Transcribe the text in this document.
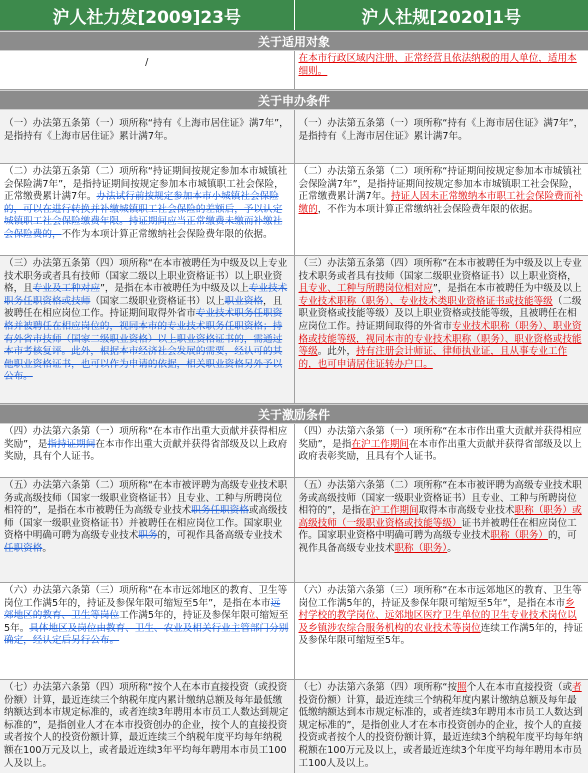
沪人社力发[2009]23号	沪人社规[2020]1号
关于适用对象
/	在本市行政区域内注册、正常经营且依法纳税的用人单位，适用本细则。
关于申办条件
（一）办法第五条第（一）项所称“持有《上海市居住证》满7年”，是指持有《上海市居住证》累计满7年。
（一）办法第五条第（一）项所称“持有《上海市居住证》满7年”，是指持有《上海市居住证》累计满7年。
（二）办法第五条第（二）项所称“持证期间按规定参加本市城镇社会保险满7年”，是指持证期间按规定参加本市城镇职工社会保险，正常缴费累计满7年。办法试行前按规定参加本市小城镇社会保险的，可以在进行转换并补缴城镇职工社会保险的差额后，予以认定城镇职工社会保险缴费年限。持证期间应当正常缴费未缴而补缴社会保险费的，不作为本项计算正常缴纳社会保险费年限的依据。
（二）办法第五条第（二）项所称“持证期间按规定参加本市城镇社会保险满7年”，是指持证期间按规定参加本市城镇职工社会保险，正常缴费累计满7年。持证人因未正常缴纳本市职工社会保险费而补缴的，不作为本项计算正常缴纳社会保险费年限的依据。
（三）办法第五条第（四）项所称“在本市被聘任为中级及以上专业技术职务或者具有技师（国家二级以上职业资格证书）以上职业资格，且专业及工种对应”，是指在本市被聘任为中级及以上专业技术职务任职资格或技师（国家二级职业资格证书）以上职业资格，且被聘任在相应岗位工作。持证期间取得外省市专业技术职务任职资格并被聘任在相应岗位的，视同本市的专业技术职务任职资格；持有外省市技师（国家二级职业资格）以上职业资格证书的，需通过本市考核复评。此外，根据本市经济社会发展的需要，经认可的其他职业资格证书，也可以作为申请的依据，相关职业资格另外予以公布。
（三）办法第五条第（四）项所称“在本市被聘任为中级及以上专业技术职务或者具有技师（国家二级职业资格证书）以上职业资格，且专业、工种与所聘岗位相对应”，是指在本市被聘任为中级及以上专业技术职称（职务）、专业技术类职业资格证书或技能等级（二级职业资格或技能等级）及以上职业资格或技能等级，且被聘任在相应岗位工作。持证期间取得的外省市专业技术职称（职务）、职业资格或技能等级，视同本市的专业技术职称（职务）、职业资格或技能等级。此外，持有注册会计师证、律师执业证，且从事专业工作的，也可申请居住证转办户口。
关于激励条件
（四）办法第六条第（一）项所称“在本市作出重大贡献并获得相应奖励”，是指持证期间在本市作出重大贡献并获得省部级及以上政府奖励，具有个人证书。
（四）办法第六条第（一）项所称“在本市作出重大贡献并获得相应奖励”，是指在沪工作期间在本市作出重大贡献并获得省部级及以上政府表彰奖励，且具有个人证书。
（五）办法第六条第（二）项所称“在本市被评聘为高级专业技术职务或高级技师（国家一级职业资格证书）且专业、工种与所聘岗位相符的”，是指在本市被聘任为高级专业技术职务任职资格或高级技师（国家一级职业资格证书）并被聘任在相应岗位工作。国家职业资格中明确可聘为高级专业技术职务的，可视作具备高级专业技术任职资格。
（五）办法第六条第（二）项所称“在本市被评聘为高级专业技术职务或高级技师（国家一级职业资格证书）且专业、工种与所聘岗位相符的”，是指在沪工作期间取得本市高级专业技术职称（职务）或高级技师（一级职业资格或技能等级）证书并被聘任在相应岗位工作。国家职业资格中明确可聘为高级专业技术职称（职务）的，可视作具备高级专业技术职称（职务）。
（六）办法第六条第（三）项所称“在本市远郊地区的教育、卫生等岗位工作满5年的，持证及参保年限可缩短至5年”，是指在本市远郊地区的教育、卫生等岗位工作满5年的，持证及参保年限可缩短至5年。具体地区及岗位由教育、卫生、农业及相关行业主管部门分别确定，经认定后另行公布。
（六）办法第六条第（三）项所称“在本市远郊地区的教育、卫生等岗位工作满5年的，持证及参保年限可缩短至5年”，是指在本市乡村学校的教学岗位、远郊地区医疗卫生单位的卫生专业技术岗位以及乡镇涉农综合服务机构的农业技术等岗位连续工作满5年的，持证及参保年限可缩短至5年。
（七）办法第六条第（四）项所称“按个人在本市直接投资（或投资份额）计算，最近连续三个纳税年度内累计缴纳总额及每年最低缴纳额达到本市规定标准的，或者连续3年聘用本市员工人数达到规定标准的”，是指创业人才在本市投资创办的企业，按个人的直接投资或者按个人的投资份额计算，最近连续三个纳税年度平均每年纳税额在100万元及以上，或者最近连续3年平均每年聘用本市员工100人及以上。
（七）办法第六条第（四）项所称“按照个人在本市直接投资（或者投资份额）计算，最近连续三个纳税年度内累计缴纳总额及每年最低缴纳额达到本市规定标准的，或者连续3年聘用本市员工人数达到规定标准的”，是指创业人才在本市投资创办的企业，按个人的直接投资或者按个人的投资份额计算，最近连续3个纳税年度平均每年纳税额在100万元及以上，或者最近连续3个年度平均每年聘用本市员工100人及以上。
